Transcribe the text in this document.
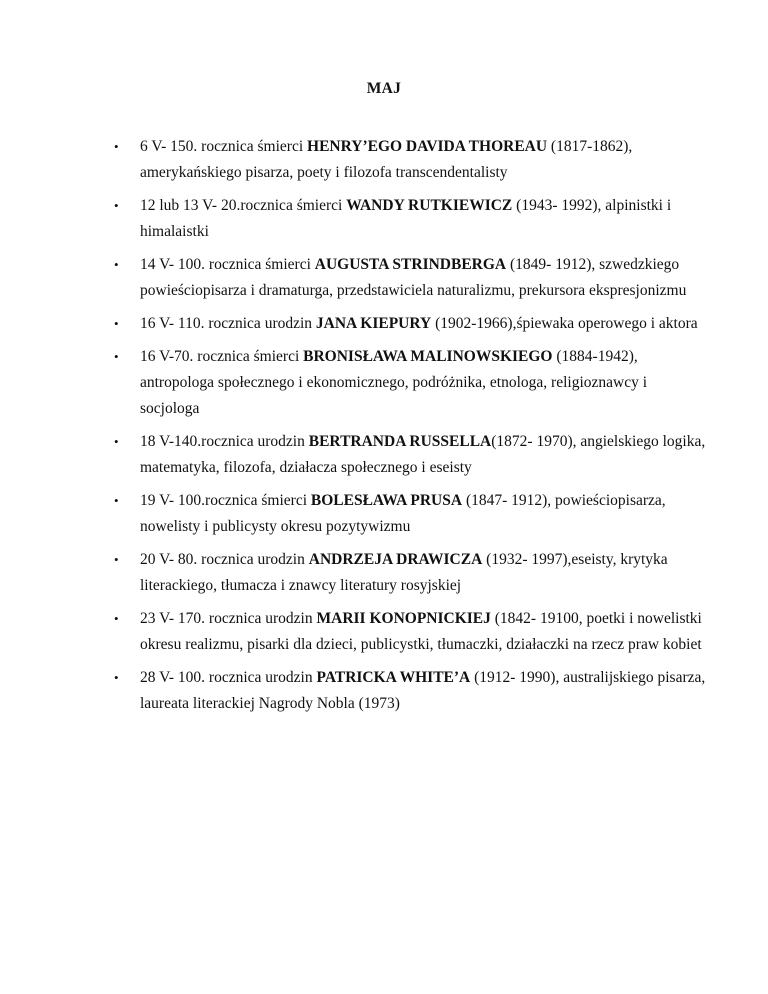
MAJ
• 6 V- 150. rocznica śmierci HENRY’EGO DAVIDA THOREAU (1817-1862), amerykańskiego pisarza, poety i filozofa transcendentalisty
• 12 lub 13 V- 20.rocznica śmierci WANDY RUTKIEWICZ (1943- 1992), alpinistki i himalaistki
• 14 V- 100. rocznica śmierci AUGUSTA STRINDBERGA (1849- 1912), szwedzkiego powieściopisarza i dramaturga, przedstawiciela naturalizmu, prekursora ekspresjonizmu
• 16 V- 110. rocznica urodzin JANA KIEPURY (1902-1966),śpiewaka operowego i aktora
• 16 V-70. rocznica śmierci BRONISŁAWA MALINOWSKIEGO (1884-1942), antropologa społecznego i ekonomicznego, podróżnika, etnologa, religioznawcy i socjologa
• 18 V-140.rocznica urodzin BERTRANDA RUSSELLA(1872- 1970), angielskiego logika, matematyka, filozofa, działacza społecznego i eseisty
• 19 V- 100.rocznica śmierci BOLESŁAWA PRUSA (1847- 1912), powieściopisarza, nowelisty i publicysty okresu pozytywizmu
• 20 V- 80. rocznica urodzin ANDRZEJA DRAWICZA (1932- 1997),eseisty, krytyka literackiego, tłumacza i znawcy literatury rosyjskiej
• 23 V- 170. rocznica urodzin MARII KONOPNICKIEJ (1842- 19100, poetki i nowelistki okresu realizmu, pisarki dla dzieci, publicystki, tłumaczki, działaczki na rzecz praw kobiet
• 28 V- 100. rocznica urodzin PATRICKA WHITE’A (1912- 1990), australijskiego pisarza, laureata literackiej Nagrody Nobla (1973)
